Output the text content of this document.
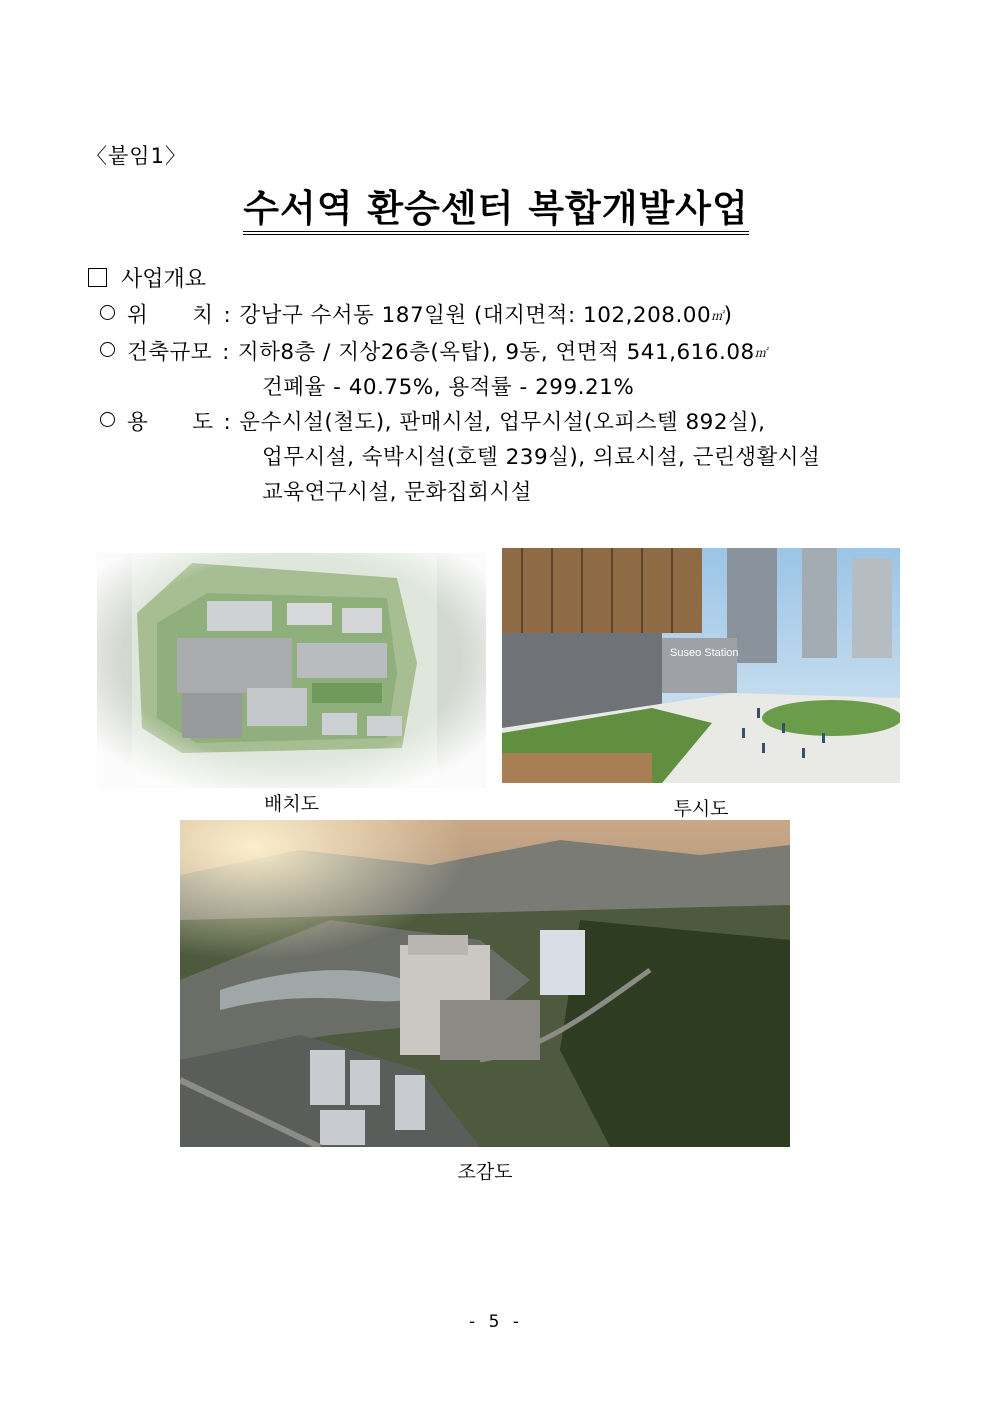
〈붙임1〉
수서역 환승센터 복합개발사업
사업개요
위      치 : 강남구 수서동 187일원 (대지면적: 102,208.00㎡)
건축규모 : 지하8층 / 지상26층(옥탑), 9동, 연면적 541,616.08㎡
건폐율 - 40.75%, 용적률 - 299.21%
용      도 : 운수시설(철도), 판매시설, 업무시설(오피스텔 892실),
업무시설, 숙박시설(호텔 239실), 의료시설, 근린생활시설
교육연구시설, 문화집회시설
Suseo Station
배치도	투시도
조감도
- 5 -
